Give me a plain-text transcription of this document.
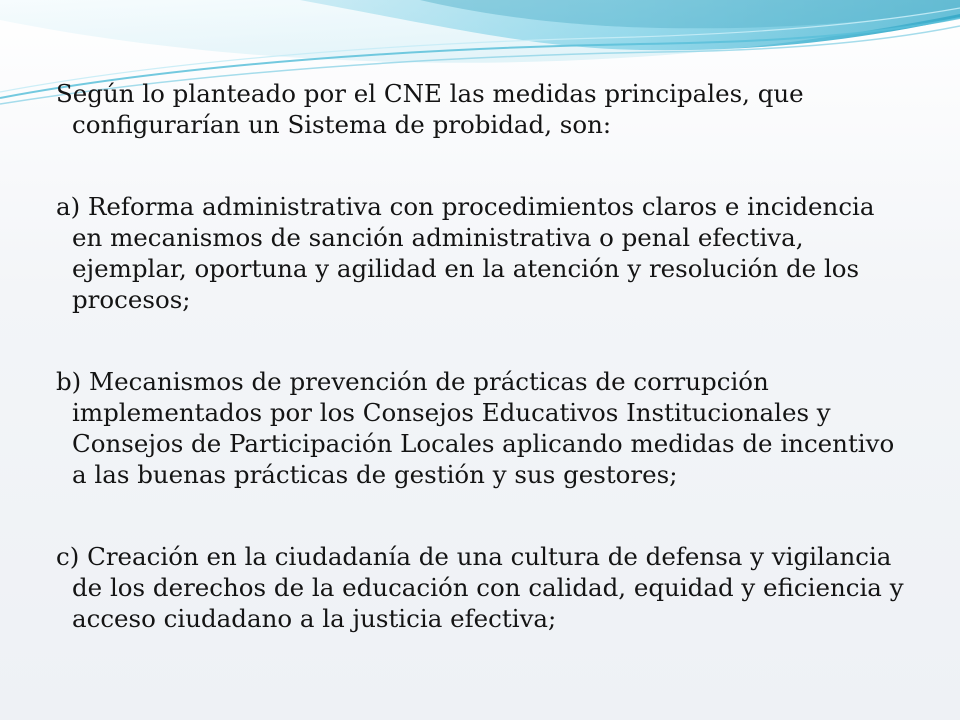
Según lo planteado por el CNE las medidas principales, que configurarían un Sistema de probidad, son:

a) Reforma administrativa con procedimientos claros e incidencia en mecanismos de sanción administrativa o penal efectiva, ejemplar, oportuna y agilidad en la atención y resolución de los procesos;

b) Mecanismos de prevención de prácticas de corrupción implementados por los Consejos Educativos Institucionales y Consejos de Participación Locales aplicando medidas de incentivo a las buenas prácticas de gestión y sus gestores;

c) Creación en la ciudadanía de una cultura de defensa y vigilancia de los derechos de la educación con calidad, equidad y eficiencia y acceso ciudadano a la justicia efectiva;
